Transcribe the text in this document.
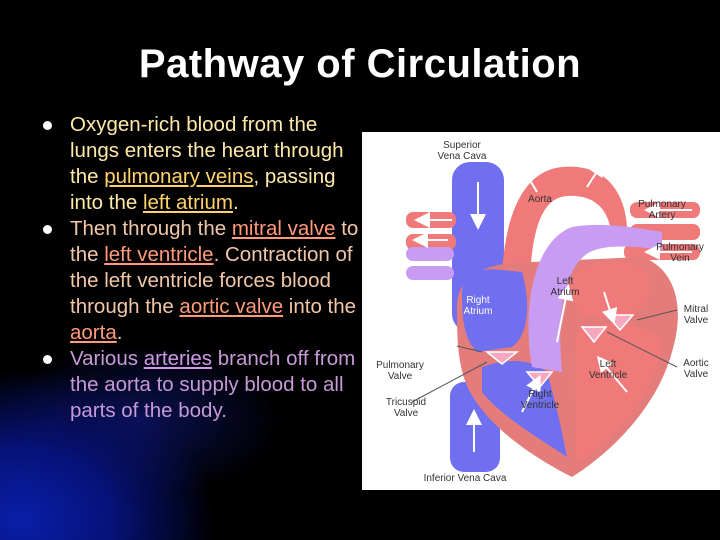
Pathway of Circulation

Oxygen-rich blood from the lungs enters the heart through the pulmonary veins, passing into the left atrium.

Then through the mitral valve to the left ventricle. Contraction of the left ventricle forces blood through the aortic valve into the aorta.

Various arteries branch off from the aorta to supply blood to all parts of the body.

Superior
Vena Cava
Aorta	Pulmonary
Artery
Pulmonary
Vein
Left
Atrium
Right
Atrium	Mitral
Valve
Pulmonary
Valve
Aortic
Valve
Left
Ventricle
Right
Ventricle
Tricuspid
Valve
Inferior Vena Cava
